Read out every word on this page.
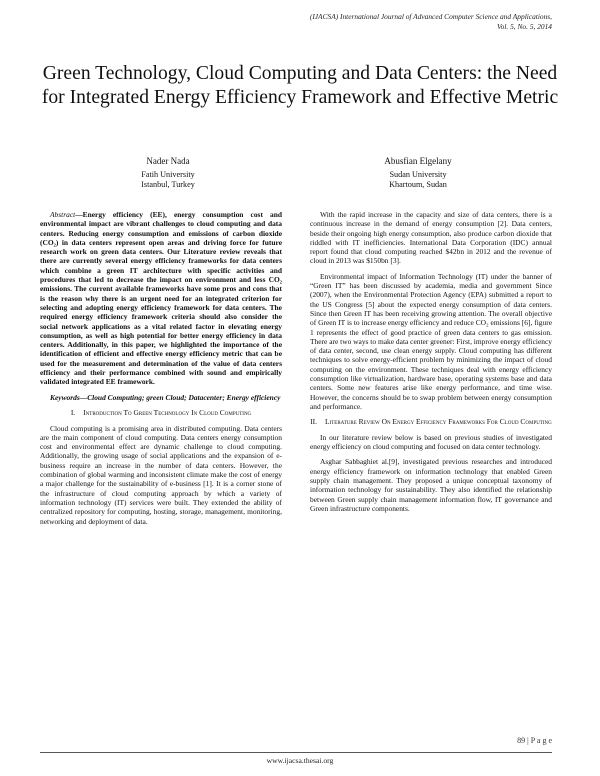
(IJACSA) International Journal of Advanced Computer Science and Applications,
Vol. 5, No. 5, 2014
Green Technology, Cloud Computing and Data Centers: the Need for Integrated Energy Efficiency Framework and Effective Metric
Nader Nada
Fatih University
Istanbul, Turkey
Abusfian Elgelany
Sudan University
Khartoum, Sudan

Abstract—Energy efficiency (EE), energy consumption cost and environmental impact are vibrant challenges to cloud computing and data centers. Reducing energy consumption and emissions of carbon dioxide (CO₂) in data centers represent open areas and driving force for future research work on green data centers. Our Literature review reveals that there are currently several energy efficiency frameworks for data centers which combine a green IT architecture with specific activities and procedures that led to decrease the impact on environment and less CO₂ emissions. The current available frameworks have some pros and cons that is the reason why there is an urgent need for an integrated criterion for selecting and adopting energy efficiency framework for data centers. The required energy efficiency framework criteria should also consider the social network applications as a vital related factor in elevating energy consumption, as well as high potential for better energy efficiency in data centers. Additionally, in this paper, we highlighted the importance of the identification of efficient and effective energy efficiency metric that can be used for the measurement and determination of the value of data centers efficiency and their performance combined with sound and empirically validated integrated EE framework.

Keywords—Cloud Computing; green Cloud; Datacenter; Energy efficiency

I. Introduction To Green Technology In Cloud Computing

Cloud computing is a promising area in distributed computing. Data centers are the main component of cloud computing. Data centers energy consumption cost and environmental effect are dynamic challenge to cloud computing. Additionally, the growing usage of social applications and the expansion of e-business require an increase in the number of data centers. However, the combination of global warming and inconsistent climate make the cost of energy a major challenge for the sustainability of e-business [1]. It is a corner stone of the infrastructure of cloud computing approach by which a variety of information technology (IT) services were built. They extended the ability of centralized repository for computing, hosting, storage, management, monitoring, networking and deployment of data.

With the rapid increase in the capacity and size of data centers, there is a continuous increase in the demand of energy consumption [2]. Data centers, beside their ongoing high energy consumption, also produce carbon dioxide that riddled with IT inefficiencies. International Data Corporation (IDC) annual report found that cloud computing reached $42bn in 2012 and the revenue of cloud in 2013 was $150bn [3].

Environmental impact of Information Technology (IT) under the banner of “Green IT” has been discussed by academia, media and government Since (2007), when the Environmental Protection Agency (EPA) submitted a report to the US Congress [5] about the expected energy consumption of data centers. Since then Green IT has been receiving growing attention. The overall objective of Green IT is to increase energy efficiency and reduce CO₂ emissions [6], figure 1 represents the effect of good practice of green data centers to gas emission. There are two ways to make data center greener: First, improve energy efficiency of data center, second, use clean energy supply. Cloud computing has different techniques to solve energy-efficient problem by minimizing the impact of cloud computing on the environment. These techniques deal with energy efficiency consumption like virtualization, hardware base, operating systems base and data centers. Some new features arise like energy performance, and time wise. However, the concerns should be to swap problem between energy consumption and performance.

II. Literature Review On Energy Efficiency Frameworks For Cloud Computing

In our literature review below is based on previous studies of investigated energy efficiency on cloud computing and focused on data center technology.

Asghar Sabbaghiet al.[9], investigated previous researches and introduced energy efficiency framework on information technology that enabled Green supply chain management. They proposed a unique conceptual taxonomy of information technology for sustainability. They also identified the relationship between Green supply chain management information flow, IT governance and Green infrastructure components.

89 | P a g e
www.ijacsa.thesai.org
